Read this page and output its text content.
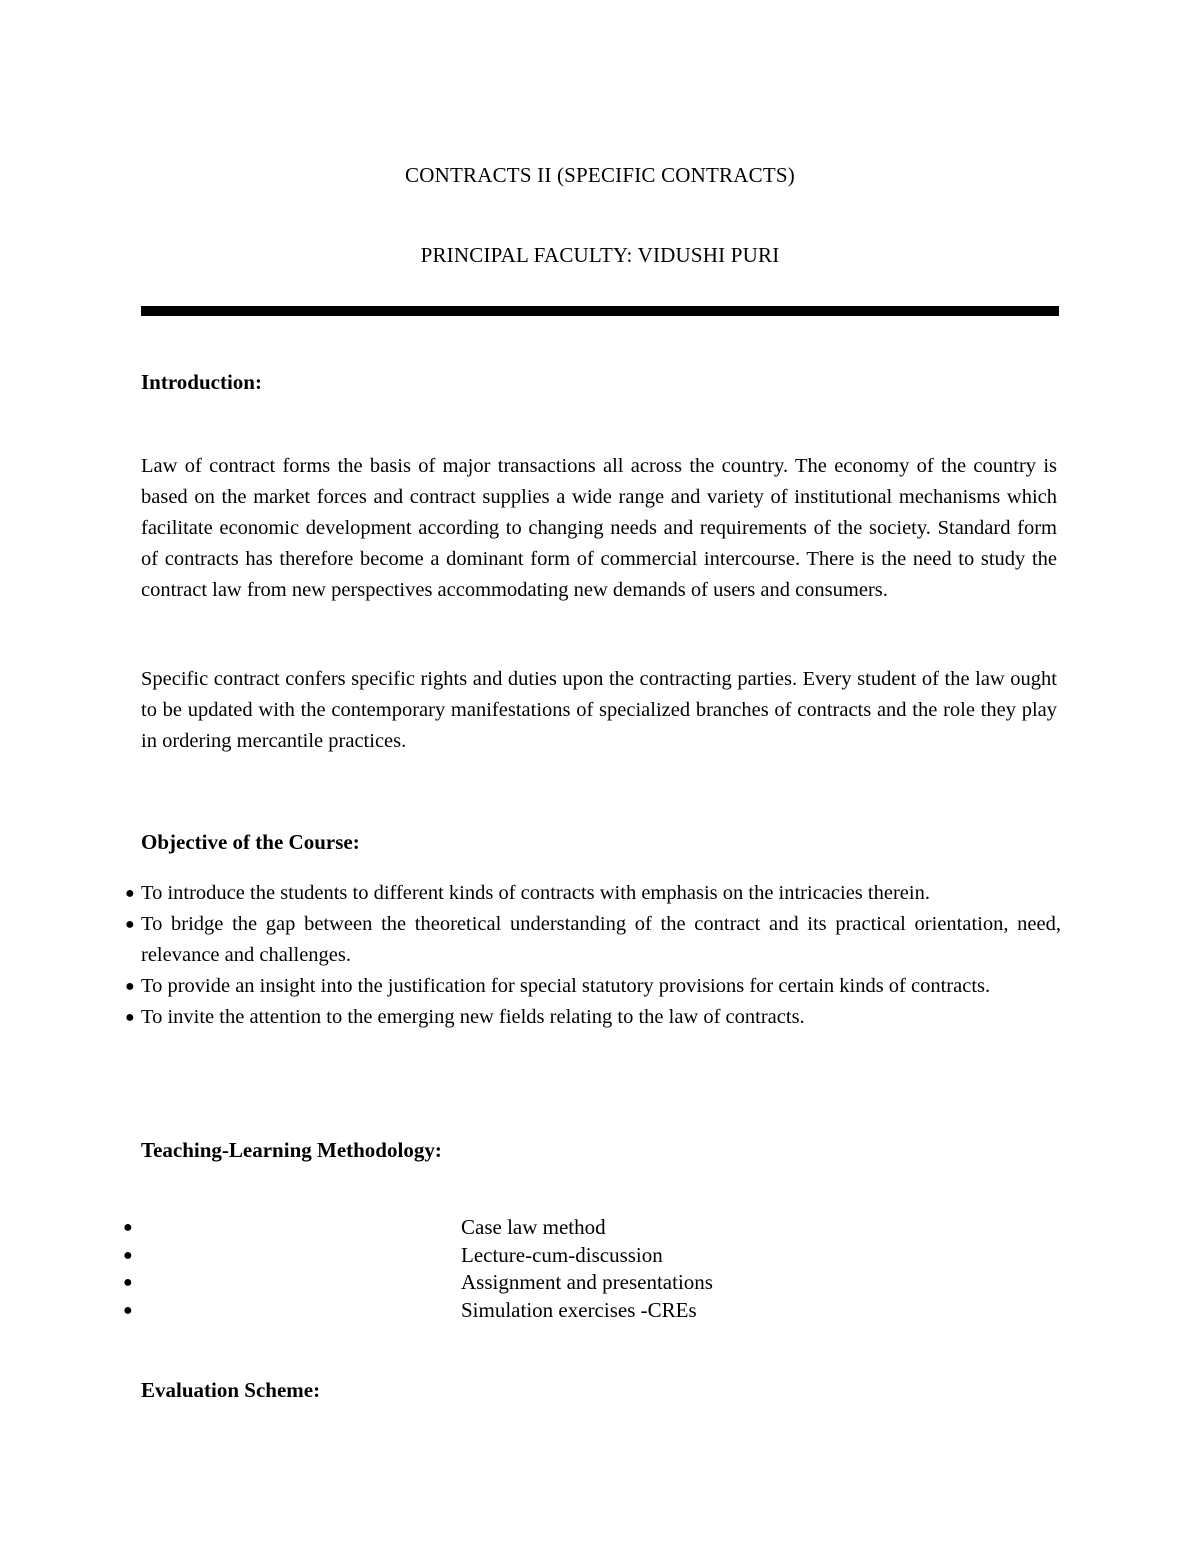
CONTRACTS II (SPECIFIC CONTRACTS)
PRINCIPAL FACULTY: VIDUSHI PURI
Introduction:
Law of contract forms the basis of major transactions all across the country. The economy of the country is based on the market forces and contract supplies a wide range and variety of institutional mechanisms which facilitate economic development according to changing needs and requirements of the society. Standard form of contracts has therefore become a dominant form of commercial intercourse. There is the need to study the contract law from new perspectives accommodating new demands of users and consumers.
Specific contract confers specific rights and duties upon the contracting parties. Every student of the law ought to be updated with the contemporary manifestations of specialized branches of contracts and the role they play in ordering mercantile practices.
Objective of the Course:
● To introduce the students to different kinds of contracts with emphasis on the intricacies therein.
● To bridge the gap between the theoretical understanding of the contract and its practical orientation, need, relevance and challenges.
● To provide an insight into the justification for special statutory provisions for certain kinds of contracts.
● To invite the attention to the emerging new fields relating to the law of contracts.
Teaching-Learning Methodology:
●	Case law method
●	Lecture-cum-discussion
●	Assignment and presentations
●	Simulation exercises -CREs
Evaluation Scheme:
